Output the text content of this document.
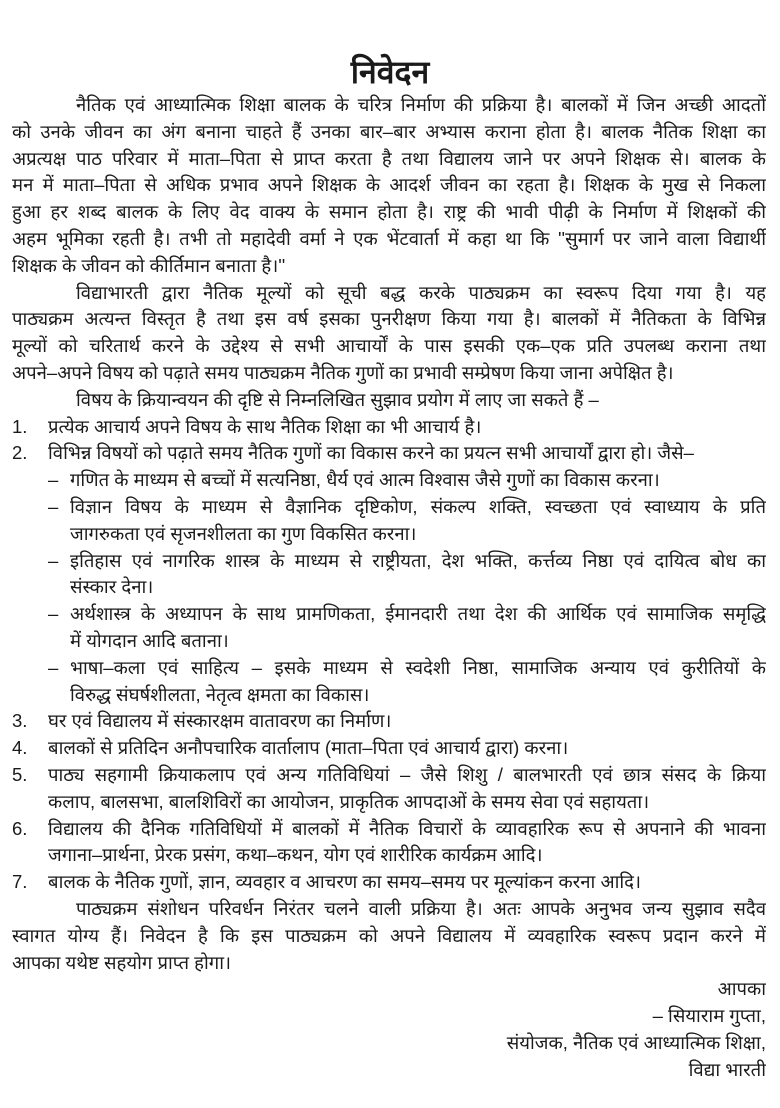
निवेदन
नैतिक एवं आध्यात्मिक शिक्षा बालक के चरित्र निर्माण की प्रक्रिया है। बालकों में जिन अच्छी आदतों
को उनके जीवन का अंग बनाना चाहते हैं उनका बार–बार अभ्यास कराना होता है। बालक नैतिक शिक्षा का
अप्रत्यक्ष पाठ परिवार में माता–पिता से प्राप्त करता है तथा विद्यालय जाने पर अपने शिक्षक से। बालक के
मन में माता–पिता से अधिक प्रभाव अपने शिक्षक के आदर्श जीवन का रहता है। शिक्षक के मुख से निकला
हुआ हर शब्द बालक के लिए वेद वाक्य के समान होता है। राष्ट्र की भावी पीढ़ी के निर्माण में शिक्षकों की
अहम भूमिका रहती है। तभी तो महादेवी वर्मा ने एक भेंटवार्ता में कहा था कि ''सुमार्ग पर जाने वाला विद्यार्थी
शिक्षक के जीवन को कीर्तिमान बनाता है।''
विद्याभारती द्वारा नैतिक मूल्यों को सूची बद्ध करके पाठ्यक्रम का स्वरूप दिया गया है। यह
पाठ्यक्रम अत्यन्त विस्तृत है तथा इस वर्ष इसका पुनरीक्षण किया गया है। बालकों में नैतिकता के विभिन्न
मूल्यों को चरितार्थ करने के उद्देश्य से सभी आचार्यों के पास इसकी एक–एक प्रति उपलब्ध कराना तथा
अपने–अपने विषय को पढ़ाते समय पाठ्यक्रम नैतिक गुणों का प्रभावी सम्प्रेषण किया जाना अपेक्षित है।
विषय के क्रियान्वयन की दृष्टि से निम्नलिखित सुझाव प्रयोग में लाए जा सकते हैं –
1. प्रत्येक आचार्य अपने विषय के साथ नैतिक शिक्षा का भी आचार्य है।
2. विभिन्न विषयों को पढ़ाते समय नैतिक गुणों का विकास करने का प्रयत्न सभी आचार्यों द्वारा हो। जैसे–
– गणित के माध्यम से बच्चों में सत्यनिष्ठा, धैर्य एवं आत्म विश्वास जैसे गुणों का विकास करना।
– विज्ञान विषय के माध्यम से वैज्ञानिक दृष्टिकोण, संकल्प शक्ति, स्वच्छता एवं स्वाध्याय के प्रति
जागरुकता एवं सृजनशीलता का गुण विकसित करना।
– इतिहास एवं नागरिक शास्त्र के माध्यम से राष्ट्रीयता, देश भक्ति, कर्त्तव्य निष्ठा एवं दायित्व बोध का
संस्कार देना।
– अर्थशास्त्र के अध्यापन के साथ प्रामणिकता, ईमानदारी तथा देश की आर्थिक एवं सामाजिक समृद्धि
में योगदान आदि बताना।
– भाषा–कला एवं साहित्य – इसके माध्यम से स्वदेशी निष्ठा, सामाजिक अन्याय एवं कुरीतियों के
विरुद्ध संघर्षशीलता, नेतृत्व क्षमता का विकास।
3. घर एवं विद्यालय में संस्कारक्षम वातावरण का निर्माण।
4. बालकों से प्रतिदिन अनौपचारिक वार्तालाप (माता–पिता एवं आचार्य द्वारा) करना।
5. पाठ्य सहगामी क्रियाकलाप एवं अन्य गतिविधियां – जैसे शिशु / बालभारती एवं छात्र संसद के क्रिया
कलाप, बालसभा, बालशिविरों का आयोजन, प्राकृतिक आपदाओं के समय सेवा एवं सहायता।
6. विद्यालय की दैनिक गतिविधियों में बालकों में नैतिक विचारों के व्यावहारिक रूप से अपनाने की भावना
जगाना–प्रार्थना, प्रेरक प्रसंग, कथा–कथन, योग एवं शारीरिक कार्यक्रम आदि।
7. बालक के नैतिक गुणों, ज्ञान, व्यवहार व आचरण का समय–समय पर मूल्यांकन करना आदि।
पाठ्यक्रम संशोधन परिवर्धन निरंतर चलने वाली प्रक्रिया है। अतः आपके अनुभव जन्य सुझाव सदैव
स्वागत योग्य हैं। निवेदन है कि इस पाठ्यक्रम को अपने विद्यालय में व्यवहारिक स्वरूप प्रदान करने में
आपका यथेष्ट सहयोग प्राप्त होगा।
आपका
– सियाराम गुप्ता,
संयोजक, नैतिक एवं आध्यात्मिक शिक्षा,
विद्या भारती
